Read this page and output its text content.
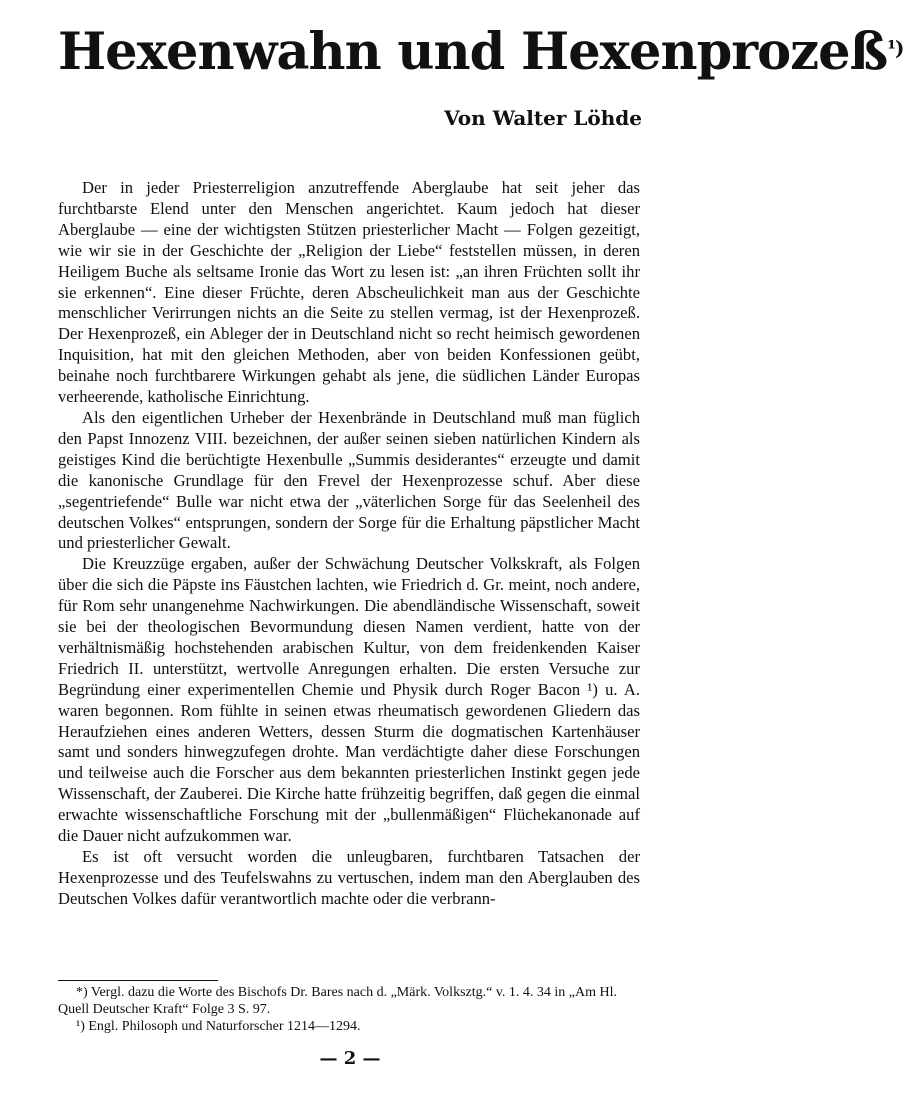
Hexenwahn und Hexenprozeß$^{^1)}$
Von Walter Löhde

Der in jeder Priesterreligion anzutreffende Aberglaube hat seit jeher das furchtbarste Elend unter den Menschen angerichtet. Kaum jedoch hat dieser Aberglaube — eine der wichtigsten Stützen priesterlicher Macht — Folgen gezeitigt, wie wir sie in der Geschichte der „Religion der Liebe“ feststellen müssen, in deren Heiligem Buche als seltsame Ironie das Wort zu lesen ist: „an ihren Früchten sollt ihr sie erkennen“. Eine dieser Früchte, deren Abscheulichkeit man aus der Geschichte menschlicher Verirrungen nichts an die Seite zu stellen vermag, ist der Hexenprozeß. Der Hexenprozeß, ein Ableger der in Deutschland nicht so recht heimisch gewordenen Inquisition, hat mit den gleichen Methoden, aber von beiden Konfessionen geübt, beinahe noch furchtbarere Wirkungen gehabt als jene, die südlichen Länder Europas verheerende, katholische Einrichtung.

Als den eigentlichen Urheber der Hexenbrände in Deutschland muß man füglich den Papst Innozenz VIII. bezeichnen, der außer seinen sieben natürlichen Kindern als geistiges Kind die berüchtigte Hexenbulle „Summis desiderantes“ erzeugte und damit die kanonische Grundlage für den Frevel der Hexenprozesse schuf. Aber diese „segentriefende“ Bulle war nicht etwa der „väterlichen Sorge für das Seelenheil des deutschen Volkes“ entsprungen, sondern der Sorge für die Erhaltung päpstlicher Macht und priesterlicher Gewalt.

Die Kreuzzüge ergaben, außer der Schwächung Deutscher Volkskraft, als Folgen über die sich die Päpste ins Fäustchen lachten, wie Friedrich d. Gr. meint, noch andere, für Rom sehr unangenehme Nachwirkungen. Die abendländische Wissenschaft, soweit sie bei der theologischen Bevormundung diesen Namen verdient, hatte von der verhältnismäßig hochstehenden arabischen Kultur, von dem freidenkenden Kaiser Friedrich II. unterstützt, wertvolle Anregungen erhalten. Die ersten Versuche zur Begründung einer experimentellen Chemie und Physik durch Roger Bacon ¹) u. A. waren begonnen. Rom fühlte in seinen etwas rheumatisch gewordenen Gliedern das Heraufziehen eines anderen Wetters, dessen Sturm die dogmatischen Kartenhäuser samt und sonders hinwegzufegen drohte. Man verdächtigte daher diese Forschungen und teilweise auch die Forscher aus dem bekannten priesterlichen Instinkt gegen jede Wissenschaft, der Zauberei. Die Kirche hatte frühzeitig begriffen, daß gegen die einmal erwachte wissenschaftliche Forschung mit der „bullenmäßigen“ Flüchekanonade auf die Dauer nicht aufzukommen war.

Es ist oft versucht worden die unleugbaren, furchtbaren Tatsachen der Hexenprozesse und des Teufelswahns zu vertuschen, indem man den Aberglauben des Deutschen Volkes dafür verantwortlich machte oder die verbrann-

*) Vergl. dazu die Worte des Bischofs Dr. Bares nach d. „Märk. Volksztg.“ v. 1. 4. 34 in „Am Hl. Quell Deutscher Kraft“ Folge 3 S. 97.

¹) Engl. Philosoph und Naturforscher 1214—1294.

— 2 —
